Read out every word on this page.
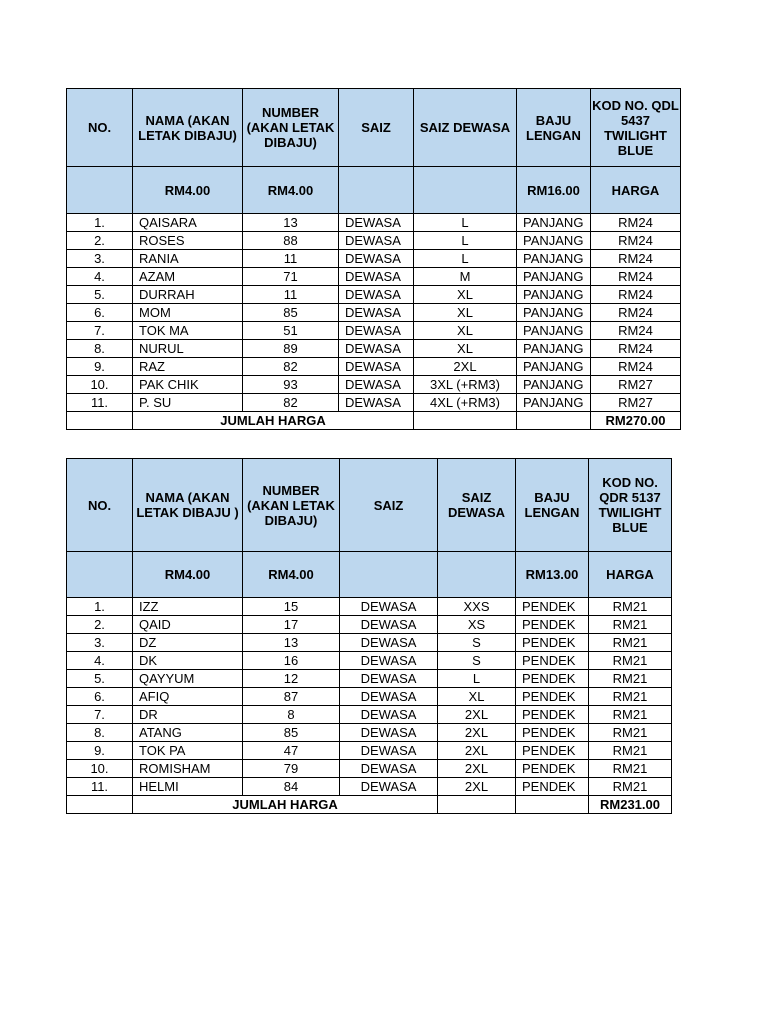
NO.	NAMA (AKAN LETAK DIBAJU)	NUMBER (AKAN LETAK DIBAJU)	SAIZ	SAIZ DEWASA	BAJU LENGAN	KOD NO. QDL 5437 TWILIGHT BLUE
	RM4.00	RM4.00			RM16.00	HARGA
1.	QAISARA	13	DEWASA	L	PANJANG	RM24
2.	ROSES	88	DEWASA	L	PANJANG	RM24
3.	RANIA	11	DEWASA	L	PANJANG	RM24
4.	AZAM	71	DEWASA	M	PANJANG	RM24
5.	DURRAH	11	DEWASA	XL	PANJANG	RM24
6.	MOM	85	DEWASA	XL	PANJANG	RM24
7.	TOK MA	51	DEWASA	XL	PANJANG	RM24
8.	NURUL	89	DEWASA	XL	PANJANG	RM24
9.	RAZ	82	DEWASA	2XL	PANJANG	RM24
10.	PAK CHIK	93	DEWASA	3XL (+RM3)	PANJANG	RM27
11.	P. SU	82	DEWASA	4XL (+RM3)	PANJANG	RM27
	JUMLAH HARGA					RM270.00
NO.	NAMA (AKAN LETAK DIBAJU )	NUMBER (AKAN LETAK DIBAJU)	SAIZ	SAIZ DEWASA	BAJU LENGAN	KOD NO. QDR 5137 TWILIGHT BLUE
	RM4.00	RM4.00			RM13.00	HARGA
1.	IZZ	15	DEWASA	XXS	PENDEK	RM21
2.	QAID	17	DEWASA	XS	PENDEK	RM21
3.	DZ	13	DEWASA	S	PENDEK	RM21
4.	DK	16	DEWASA	S	PENDEK	RM21
5.	QAYYUM	12	DEWASA	L	PENDEK	RM21
6.	AFIQ	87	DEWASA	XL	PENDEK	RM21
7.	DR	8	DEWASA	2XL	PENDEK	RM21
8.	ATANG	85	DEWASA	2XL	PENDEK	RM21
9.	TOK PA	47	DEWASA	2XL	PENDEK	RM21
10.	ROMISHAM	79	DEWASA	2XL	PENDEK	RM21
11.	HELMI	84	DEWASA	2XL	PENDEK	RM21
	JUMLAH HARGA					RM231.00
